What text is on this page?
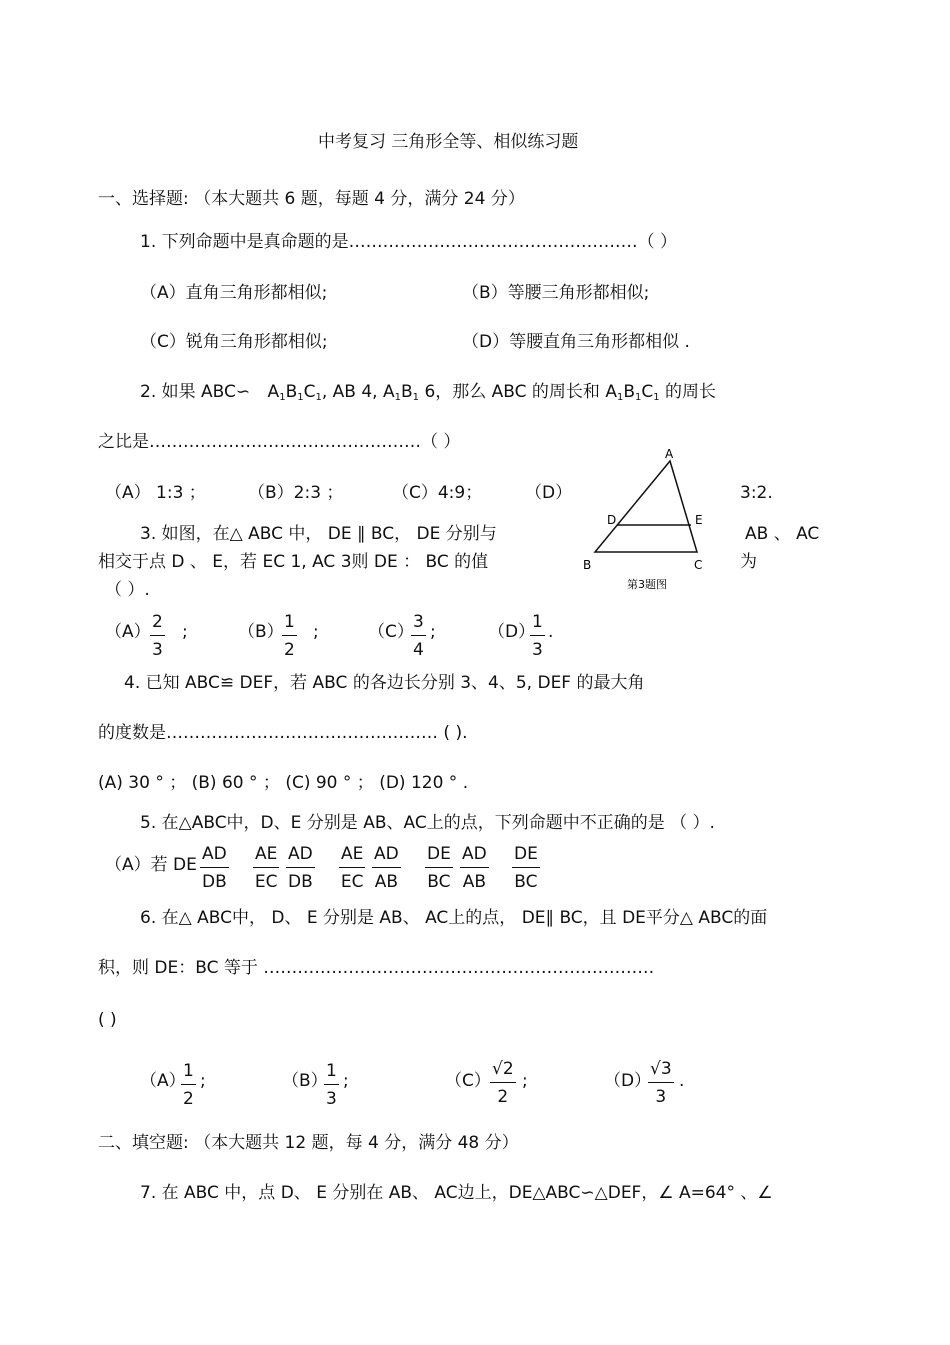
中考复习 三角形全等、相似练习题
一、选择题: （本大题共 6 题，每题 4 分，满分 24 分）
1. 下列命题中是真命题的是……………………………………………（ ）
（A）直角三角形都相似;	（B）等腰三角形都相似;
（C）锐角三角形都相似;	（D）等腰直角三角形都相似 .
2. 如果 ABC∽ $A_1B_1C_1$, AB 4, $A_1B_1$ 6，那么 ABC 的周长和 $A_1B_1C_1$ 的周长
之比是…………………………………………（ ）
（A） 1:3 ； （B）2:3 ；	（C）4:9；	（D）	3:2.
A
D	E
B	C
第3题图
3. 如图，在△ ABC 中， DE ∥ BC， DE 分别与	AB 、 AC
相交于点 D 、 E，若 EC 1, AC 3则 DE ： BC 的值	为
（ ）.
$(A) \frac{2}{3}$ ;	（B）
$\frac{1}{2}$ ;	（C）
$\frac{3}{4}$ ;	（D）
$\frac{1}{3}$ .
4. 已知 ABC≌ DEF，若 ABC 的各边长分别 3、4、5, DEF 的最大角
的度数是………………………………………… ( ).
(A) 30 ° ； (B) 60 ° ； (C) 90 ° ； (D) 120 ° .
5. 在△ABC中，D、E 分别是 AB、AC上的点，下列命题中不正确的是 （ ）.
（A）若 DE $\frac{AD}{DB} \frac{AE}{EC} \frac{AD}{DB} \frac{AE}{EC} \frac{AD}{AB} \frac{DE}{BC} \frac{AD}{AB} \frac{DE}{BC}$
6. 在△ ABC中， D、 E 分别是 AB、 AC上的点， DE∥ BC，且 DE平分△ ABC的面
积，则 DE：BC 等于 ……………………………………………………………
( )
（A）
$\frac{1}{2}$ ;	（B）
$\frac{1}{3}$ ;	$(C) \frac{√2}{2}$ ;	（D）
$\frac{√3}{3}$ .
二、填空题: （本大题共 12 题，每 4 分，满分 48 分）
7. 在 ABC 中，点 D、 E 分别在 AB、 AC边上，DE△ABC∽△DEF，∠ A=64° 、∠
